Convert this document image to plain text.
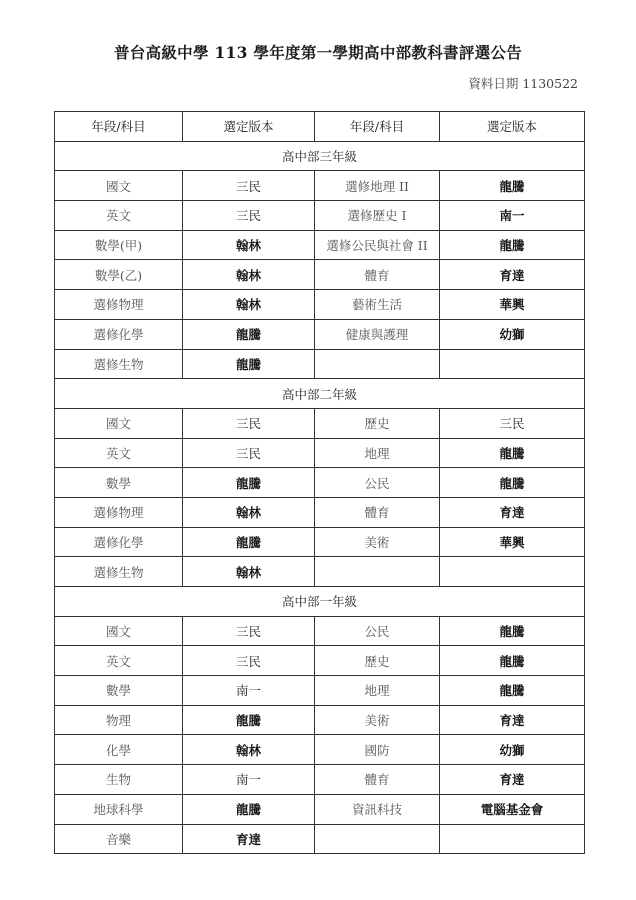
普台高級中學 113 學年度第一學期高中部教科書評選公告
資料日期 1130522
年段/科目	選定版本	年段/科目	選定版本
高中部三年級			
國文	三民	選修地理 II	龍騰
英文	三民	選修歷史 I	南一
數學(甲)	翰林	選修公民與社會 II	龍騰
數學(乙)	翰林	體育	育達
選修物理	翰林	藝術生活	華興
選修化學	龍騰	健康與護理	幼獅
選修生物	龍騰		
高中部二年級			
國文	三民	歷史	三民
英文	三民	地理	龍騰
數學	龍騰	公民	龍騰
選修物理	翰林	體育	育達
選修化學	龍騰	美術	華興
選修生物	翰林		
高中部一年級			
國文	三民	公民	龍騰
英文	三民	歷史	龍騰
數學	南一	地理	龍騰
物理	龍騰	美術	育達
化學	翰林	國防	幼獅
生物	南一	體育	育達
地球科學	龍騰	資訊科技	電腦基金會
音樂	育達		
